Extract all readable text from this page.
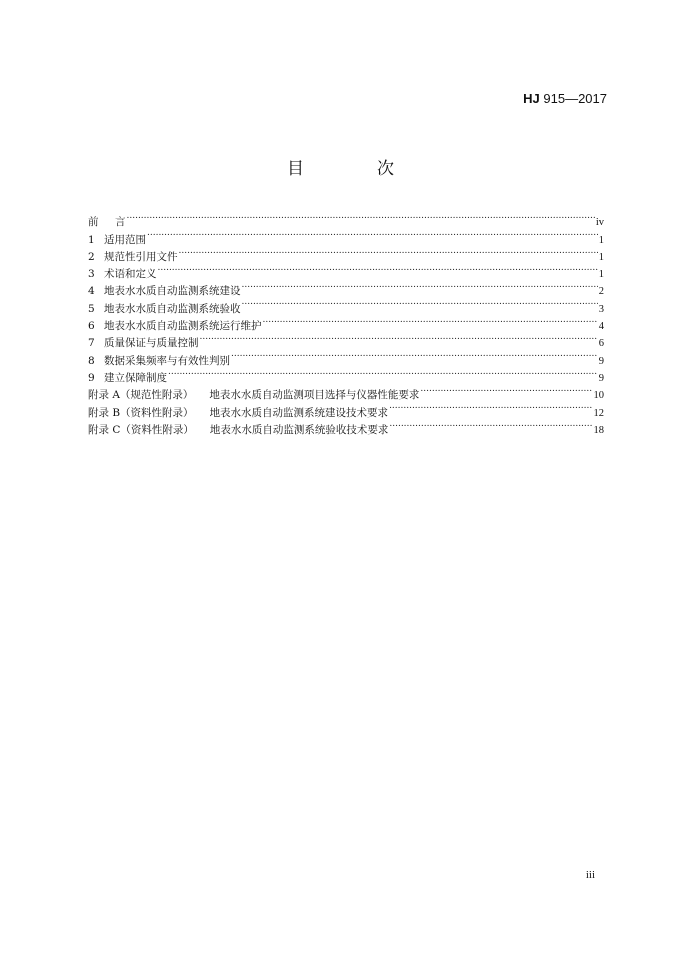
HJ 915—2017
目　次
前 言 .....	iv
1 适用范围 .....	1
2 规范性引用文件 .....	1
3 术语和定义 .....	1
4 地表水水质自动监测系统建设 .....	2
5 地表水水质自动监测系统验收 .....	3
6 地表水水质自动监测系统运行维护 .....	4
7 质量保证与质量控制 .....	6
8 数据采集频率与有效性判别 .....	9
9 建立保障制度 .....	9
附录 A（规范性附录） 地表水水质自动监测项目选择与仪器性能要求 .....	10
附录 B（资料性附录） 地表水水质自动监测系统建设技术要求 .....	12
附录 C（资料性附录） 地表水水质自动监测系统验收技术要求 .....	18
iii
